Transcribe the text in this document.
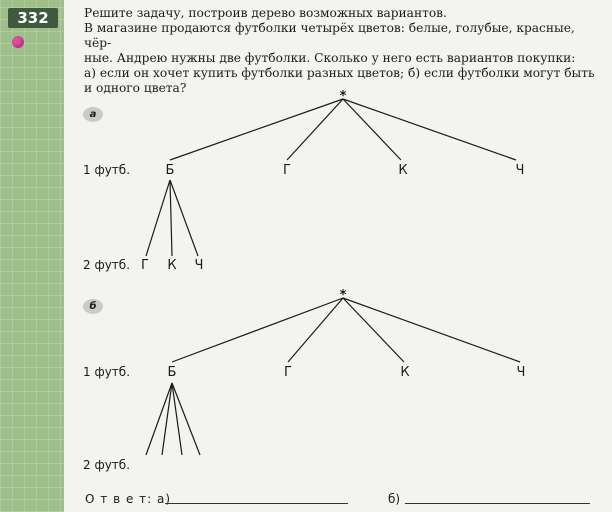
332	Решите задачу, построив дерево возможных вариантов.

В магазине продаются футболки четырёх цветов: белые, голубые, красные, чёр-

ные. Андрею нужны две футболки. Сколько у него есть вариантов покупки:

а) если он хочет купить футболки разных цветов; б) если футболки могут быть

и одного цвета?

а
*
1 футб.	Б	Г	К	Ч
2 футб. Г К Ч
б
*
1 футб.	Б	Г	К	Ч
2 футб.
О т в е т: а)	б)
